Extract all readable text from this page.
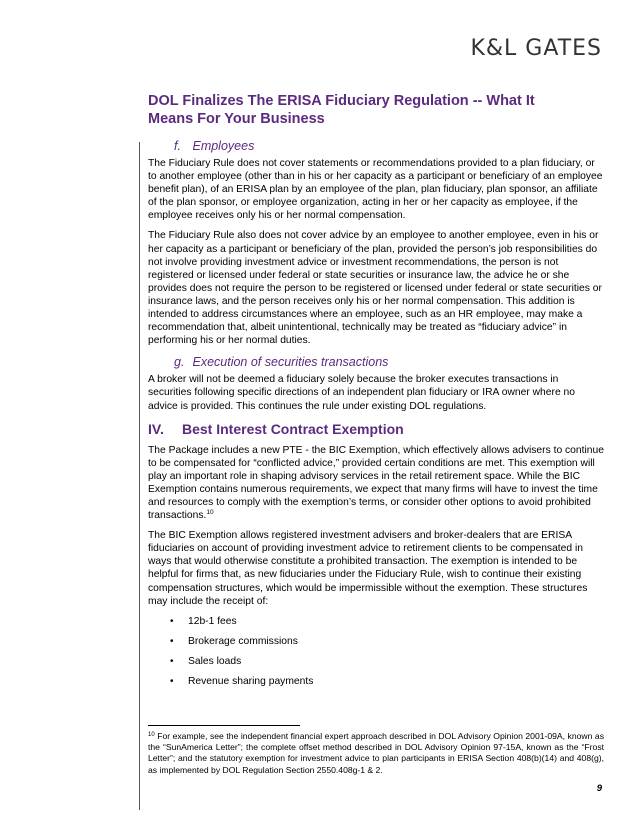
K&L GATES
DOL Finalizes The ERISA Fiduciary Regulation -- What It Means For Your Business
f. Employees

The Fiduciary Rule does not cover statements or recommendations provided to a plan fiduciary, or to another employee (other than in his or her capacity as a participant or beneficiary of an employee benefit plan), of an ERISA plan by an employee of the plan, plan fiduciary, plan sponsor, an affiliate of the plan sponsor, or employee organization, acting in her or her capacity as employee, if the employee receives only his or her normal compensation.

The Fiduciary Rule also does not cover advice by an employee to another employee, even in his or her capacity as a participant or beneficiary of the plan, provided the person’s job responsibilities do not involve providing investment advice or investment recommendations, the person is not registered or licensed under federal or state securities or insurance law, the advice he or she provides does not require the person to be registered or licensed under federal or state securities or insurance laws, and the person receives only his or her normal compensation. This addition is intended to address circumstances where an employee, such as an HR employee, may make a recommendation that, albeit unintentional, technically may be treated as “fiduciary advice” in performing his or her normal duties.

g. Execution of securities transactions

A broker will not be deemed a fiduciary solely because the broker executes transactions in securities following specific directions of an independent plan fiduciary or IRA owner where no advice is provided. This continues the rule under existing DOL regulations.

IV. Best Interest Contract Exemption

The Package includes a new PTE - the BIC Exemption, which effectively allows advisers to continue to be compensated for “conflicted advice,” provided certain conditions are met. This exemption will play an important role in shaping advisory services in the retail retirement space. While the BIC Exemption contains numerous requirements, we expect that many firms will have to invest the time and resources to comply with the exemption’s terms, or consider other options to avoid prohibited transactions.$^{10}$

The BIC Exemption allows registered investment advisers and broker-dealers that are ERISA fiduciaries on account of providing investment advice to retirement clients to be compensated in ways that would otherwise constitute a prohibited transaction. The exemption is intended to be helpful for firms that, as new fiduciaries under the Fiduciary Rule, wish to continue their existing compensation structures, which would be impermissible without the exemption. These structures may include the receipt of:

• 12b-1 fees
• Brokerage commissions
• Sales loads
• Revenue sharing payments
$^{10}$ For example, see the independent financial expert approach described in DOL Advisory Opinion 2001-09A, known as the “SunAmerica Letter”; the complete offset method described in DOL Advisory Opinion 97-15A, known as the “Frost Letter”; and the statutory exemption for investment advice to plan participants in ERISA Section 408(b)(14) and 408(g), as implemented by DOL Regulation Section 2550.408g-1 & 2.
9
